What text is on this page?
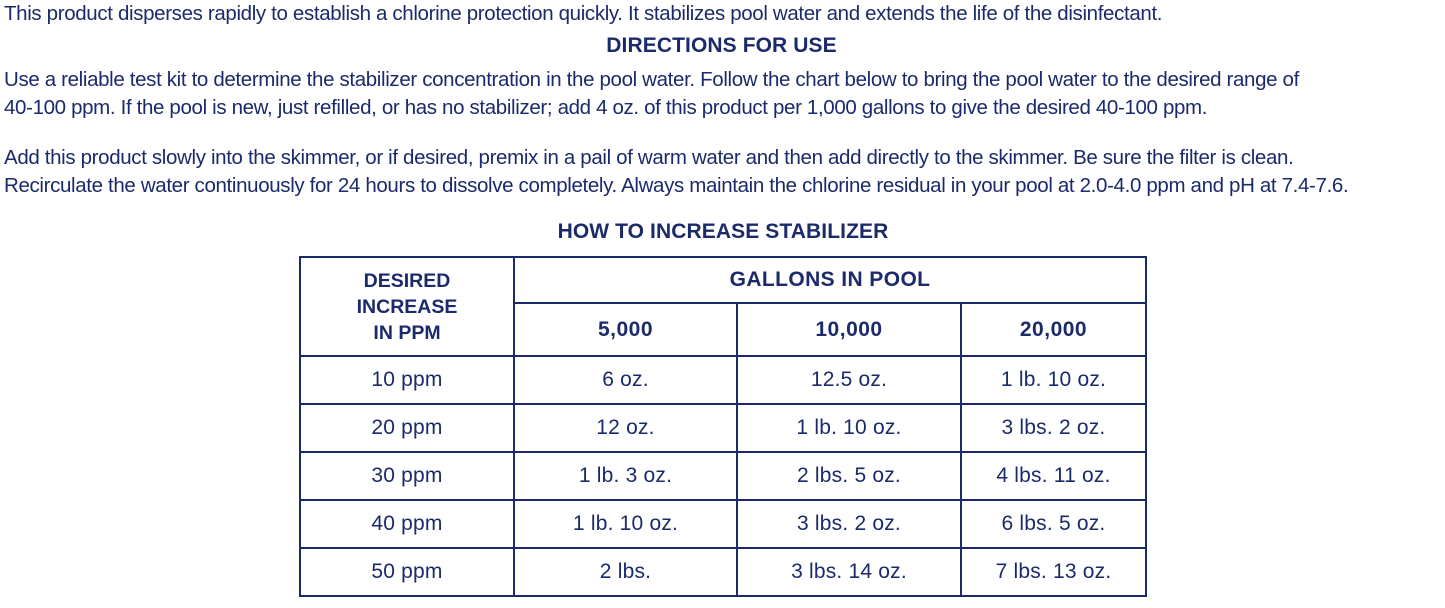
This product disperses rapidly to establish a chlorine protection quickly. It stabilizes pool water and extends the life of the disinfectant.

DIRECTIONS FOR USE

Use a reliable test kit to determine the stabilizer concentration in the pool water. Follow the chart below to bring the pool water to the desired range of

40-100 ppm. If the pool is new, just refilled, or has no stabilizer; add 4 oz. of this product per 1,000 gallons to give the desired 40-100 ppm.

Add this product slowly into the skimmer, or if desired, premix in a pail of warm water and then add directly to the skimmer. Be sure the filter is clean.

Recirculate the water continuously for 24 hours to dissolve completely. Always maintain the chlorine residual in your pool at 2.0-4.0 ppm and pH at 7.4-7.6.

HOW TO INCREASE STABILIZER
DESIRED
INCREASE
IN PPM	GALLONS IN POOL		
	5,000	10,000	20,000
10 ppm	6 oz.	12.5 oz.	1 lb. 10 oz.
20 ppm	12 oz.	1 lb. 10 oz.	3 lbs. 2 oz.
30 ppm	1 lb. 3 oz.	2 lbs. 5 oz.	4 lbs. 11 oz.
40 ppm	1 lb. 10 oz.	3 lbs. 2 oz.	6 lbs. 5 oz.
50 ppm	2 lbs.	3 lbs. 14 oz.	7 lbs. 13 oz.
